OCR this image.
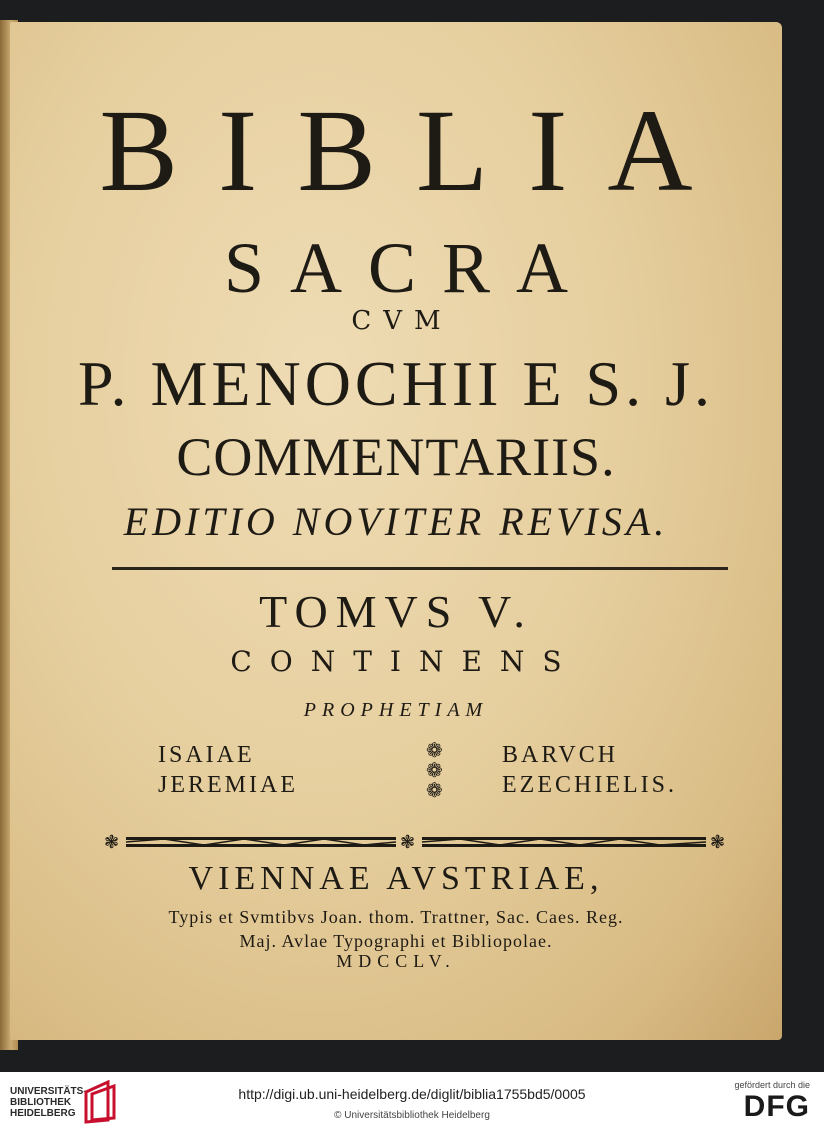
BIBLIA

SACRA

CVM

P. MENOCHII E S. J.

COMMENTARIIS.

EDITIO NOVITER REVISA.

TOMVS V.

CONTINENS

PROPHETIAM

ISAIAE
JEREMIAE
❁
❁
❁
BARVCH
EZECHIELIS.
❃	❃	❃

VIENNAE AVSTRIAE,

Typis et Svmtibvs Joan. thom. Trattner, Sac. Caes. Reg.

Maj. Avlae Typographi et Bibliopolae.

MDCCLV.

UNIVERSITÄTS-
BIBLIOTHEK
HEIDELBERG
http://digi.ub.uni-heidelberg.de/diglit/biblia1755bd5/0005
© Universitätsbibliothek Heidelberg
gefördert durch die
DFG
